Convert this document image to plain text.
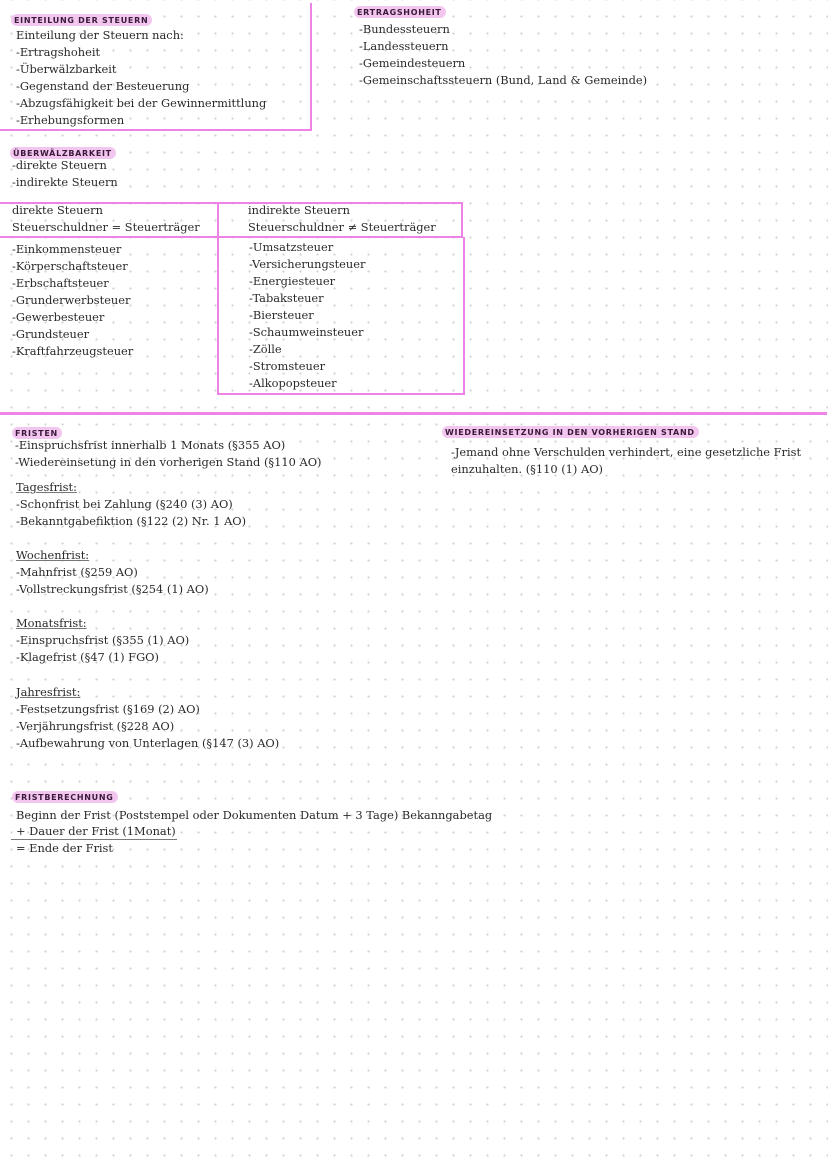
EINTEILUNG DER STEUERN
Einteilung der Steuern nach:
-Ertragshoheit
-Überwälzbarkeit
-Gegenstand der Besteuerung
-Abzugsfähigkeit bei der Gewinnermittlung
-Erhebungsformen
ERTRAGSHOHEIT
-Bundessteuern
-Landessteuern
-Gemeindesteuern
-Gemeinschaftssteuern (Bund, Land & Gemeinde)
ÜBERWÄLZBARKEIT
-direkte Steuern
-indirekte Steuern
direkte Steuern
Steuerschuldner = Steuerträger
indirekte Steuern
Steuerschuldner ≠ Steuerträger
-Einkommensteuer
-Körperschaftsteuer
-Erbschaftsteuer
-Grunderwerbsteuer
-Gewerbesteuer
-Grundsteuer
-Kraftfahrzeugsteuer
-Umsatzsteuer
-Versicherungsteuer
-Energiesteuer
-Tabaksteuer
-Biersteuer
-Schaumweinsteuer
-Zölle
-Stromsteuer
-Alkopopsteuer
FRISTEN
-Einspruchsfrist innerhalb 1 Monats (§355 AO)
-Wiedereinsetung in den vorherigen Stand (§110 AO)
Tagesfrist:
-Schonfrist bei Zahlung (§240 (3) AO)
-Bekanntgabefiktion (§122 (2) Nr. 1 AO)
Wochenfrist:
-Mahnfrist (§259 AO)
-Vollstreckungsfrist (§254 (1) AO)
Monatsfrist:
-Einspruchsfrist (§355 (1) AO)
-Klagefrist (§47 (1) FGO)
Jahresfrist:
-Festsetzungsfrist (§169 (2) AO)
-Verjährungsfrist (§228 AO)
-Aufbewahrung von Unterlagen (§147 (3) AO)
WIEDEREINSETZUNG IN DEN VORHERIGEN STAND
-Jemand ohne Verschulden verhindert, eine gesetzliche Frist
einzuhalten. (§110 (1) AO)
FRISTBERECHNUNG
Beginn der Frist (Poststempel oder Dokumenten Datum + 3 Tage) Bekanngabetag
+ Dauer der Frist (1Monat)
= Ende der Frist
